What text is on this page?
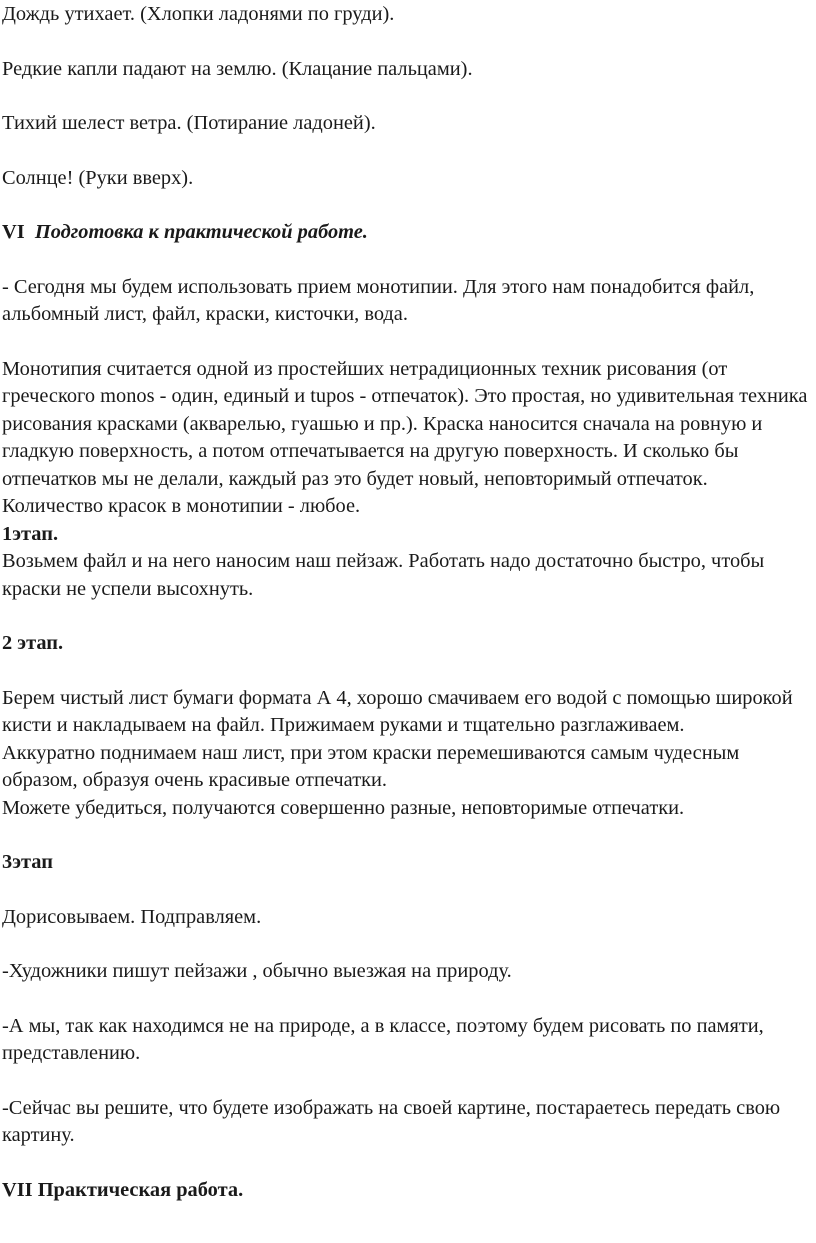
Дождь утихает. (Хлопки ладонями по груди).

Редкие капли падают на землю. (Клацание пальцами).

Тихий шелест ветра. (Потирание ладоней).

Солнце! (Руки вверх).

VI Подготовка к практической работе.

- Сегодня мы будем использовать прием монотипии. Для этого нам понадобится файл, альбомный лист, файл, краски, кисточки, вода.

Монотипия считается одной из простейших нетрадиционных техник рисования (от греческого monos - один, единый и tupos - отпечаток). Это простая, но удивительная техника рисования красками (акварелью, гуашью и пр.). Краска наносится сначала на ровную и гладкую поверхность, а потом отпечатывается на другую поверхность. И сколько бы отпечатков мы не делали, каждый раз это будет новый, неповторимый отпечаток. Количество красок в монотипии - любое.

1этап.

Возьмем файл и на него наносим наш пейзаж. Работать надо достаточно быстро, чтобы краски не успели высохнуть.

2 этап.

Берем чистый лист бумаги формата А 4, хорошо смачиваем его водой с помощью широкой кисти и накладываем на файл. Прижимаем руками и тщательно разглаживаем.

Аккуратно поднимаем наш лист, при этом краски перемешиваются самым чудесным образом, образуя очень красивые отпечатки.

Можете убедиться, получаются совершенно разные, неповторимые отпечатки.

3этап

Дорисовываем. Подправляем.

-Художники пишут пейзажи , обычно выезжая на природу.

-А мы, так как находимся не на природе, а в классе, поэтому будем рисовать по памяти, представлению.

-Сейчас вы решите, что будете изображать на своей картине, постараетесь передать свою картину.

VII Практическая работа.
